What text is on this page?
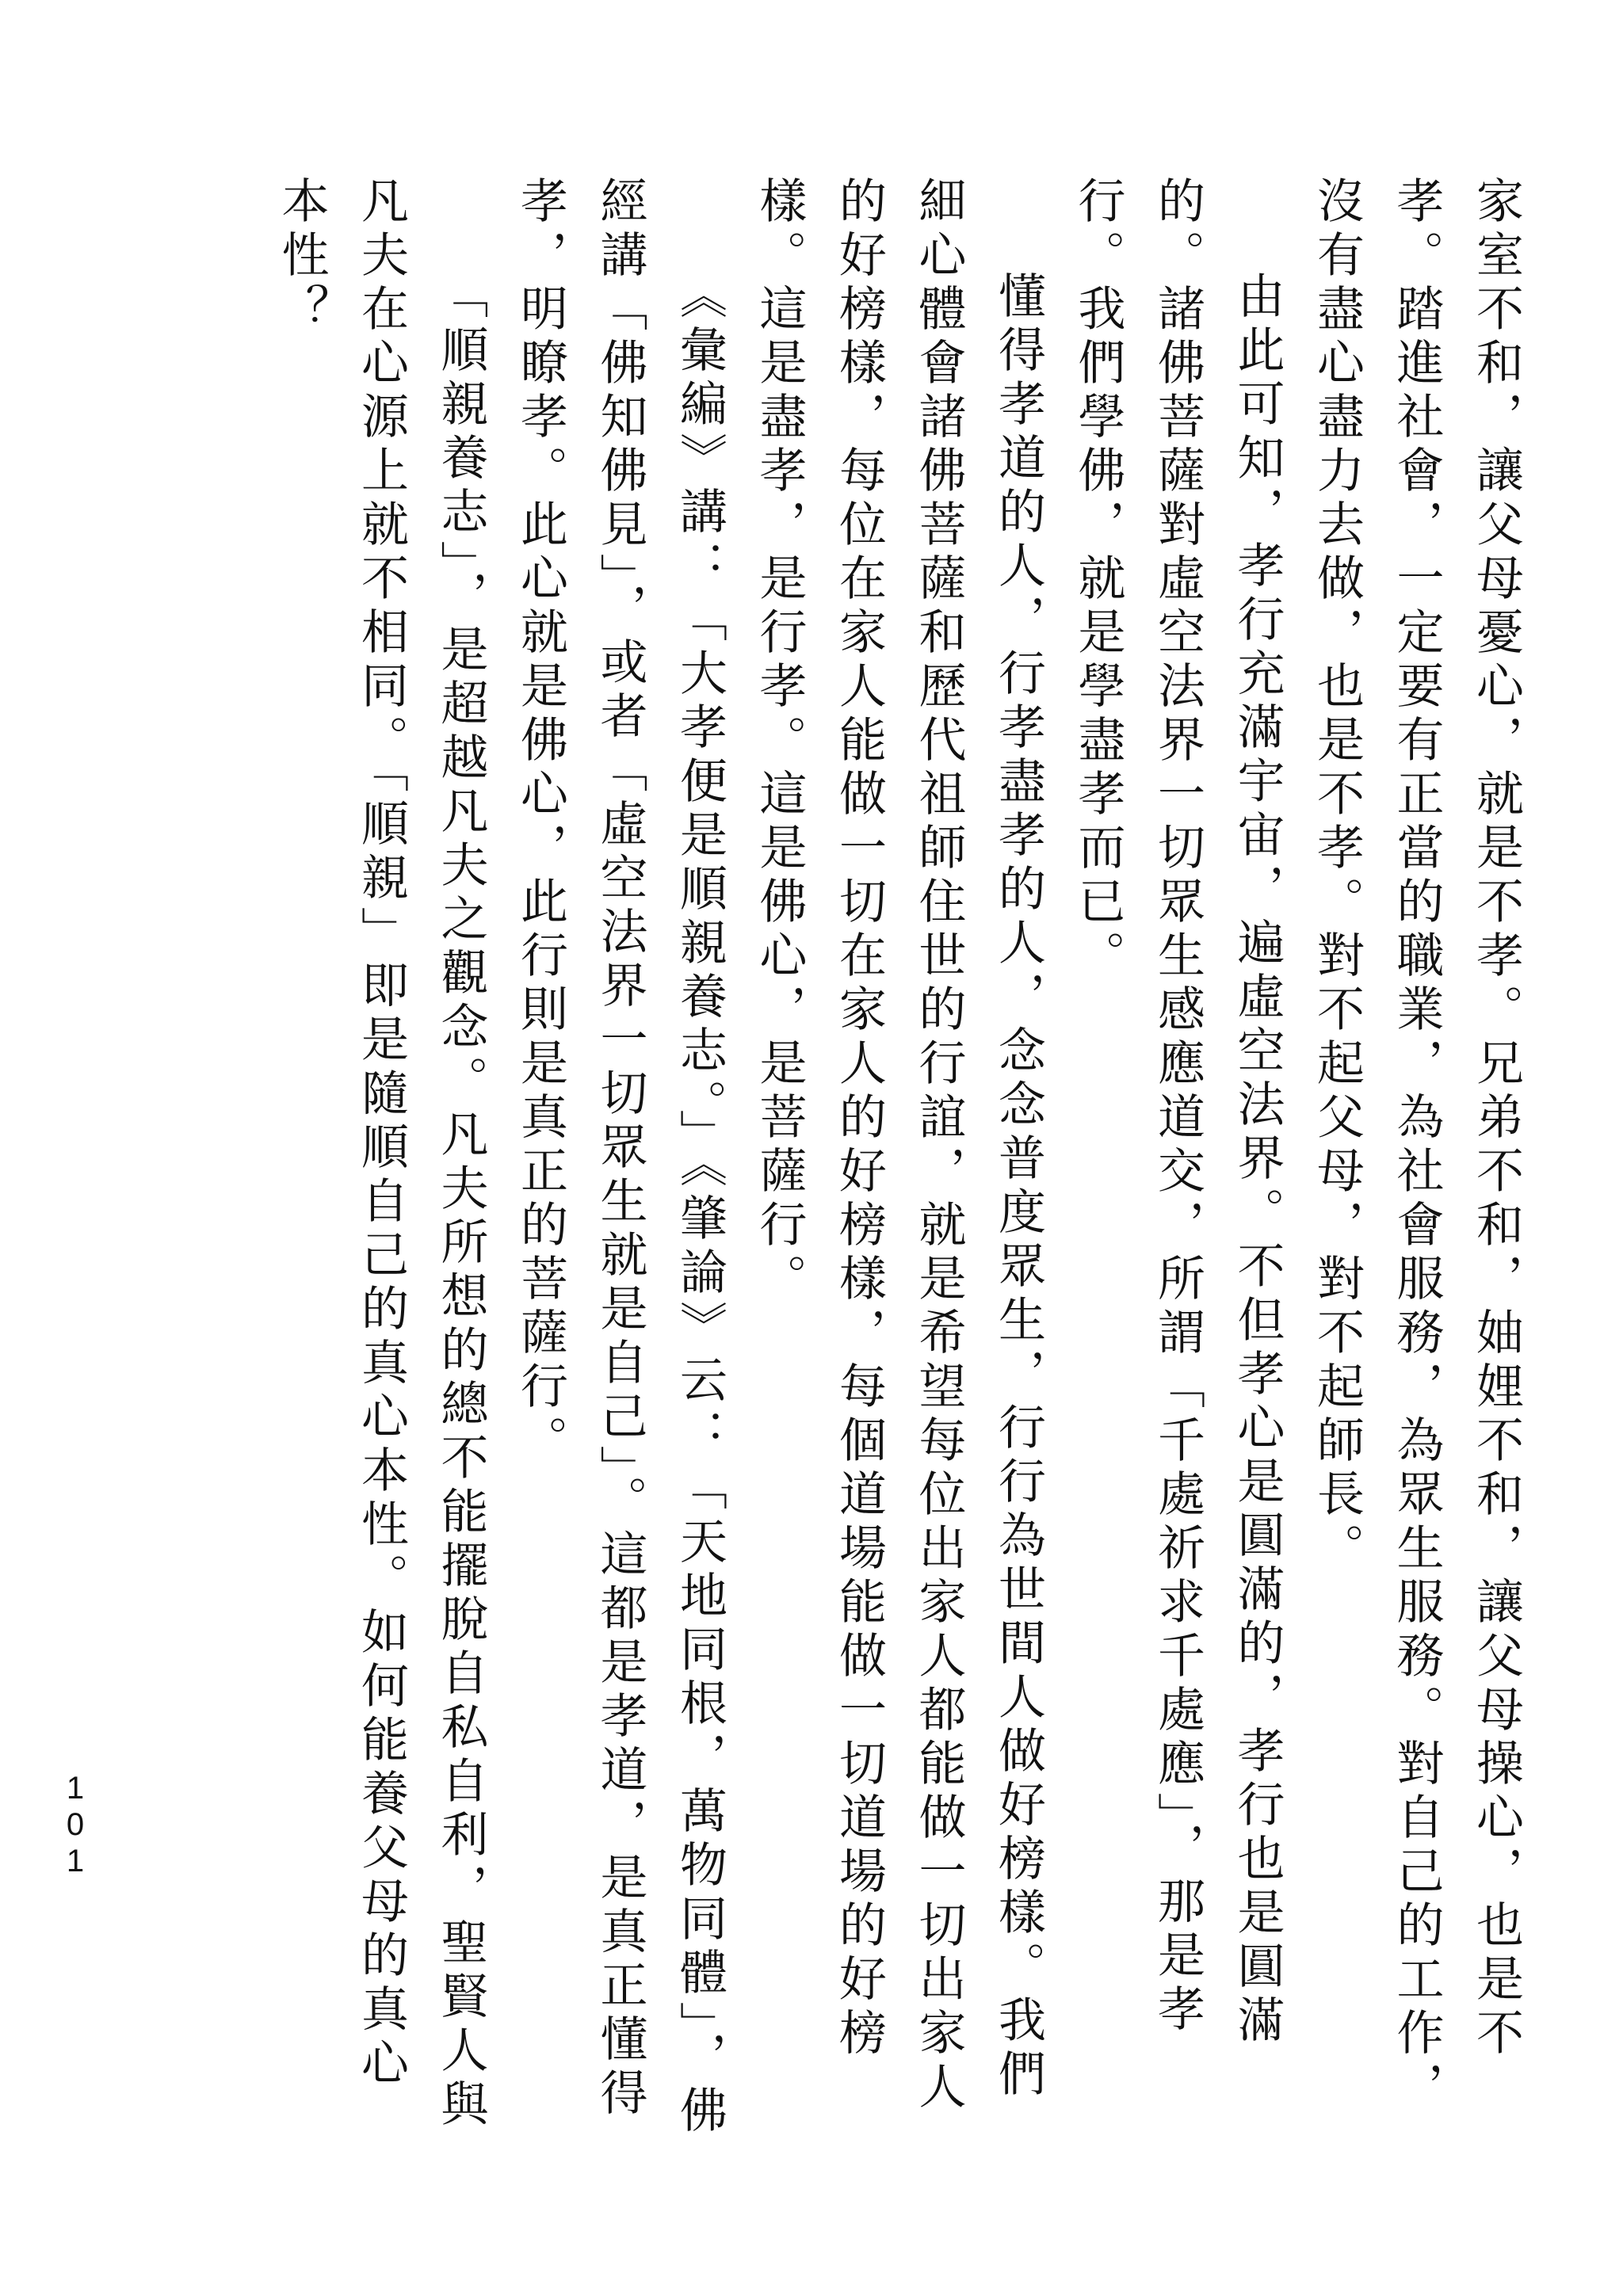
家室不和，讓父母憂心，就是不孝。兄弟不和，妯娌不和，讓父母操心，也是不孝。踏進社會，一定要有正當的職業，為社會服務，為眾生服務。對自己的工作，沒有盡心盡力去做，也是不孝。對不起父母，對不起師長。

由此可知，孝行充滿宇宙，遍虛空法界。不但孝心是圓滿的，孝行也是圓滿的。諸佛菩薩對虛空法界一切眾生感應道交，所謂「千處祈求千處應」，那是孝行。我們學佛，就是學盡孝而已。

懂得孝道的人，行孝盡孝的人，念念普度眾生，行行為世間人做好榜樣。我們細心體會諸佛菩薩和歷代祖師住世的行誼，就是希望每位出家人都能做一切出家人的好榜樣，每位在家人能做一切在家人的好榜樣，每個道場能做一切道場的好榜樣。這是盡孝，是行孝。這是佛心，是菩薩行。

《彙編》講：「大孝便是順親養志。」《肇論》云：「天地同根，萬物同體」，佛經講「佛知佛見」，或者「虛空法界一切眾生就是自己」。這都是孝道，是真正懂得孝，明瞭孝。此心就是佛心，此行則是真正的菩薩行。

「順親養志」，是超越凡夫之觀念。凡夫所想的總不能擺脫自私自利，聖賢人與凡夫在心源上就不相同。「順親」即是隨順自己的真心本性。如何能養父母的真心本性？

101
